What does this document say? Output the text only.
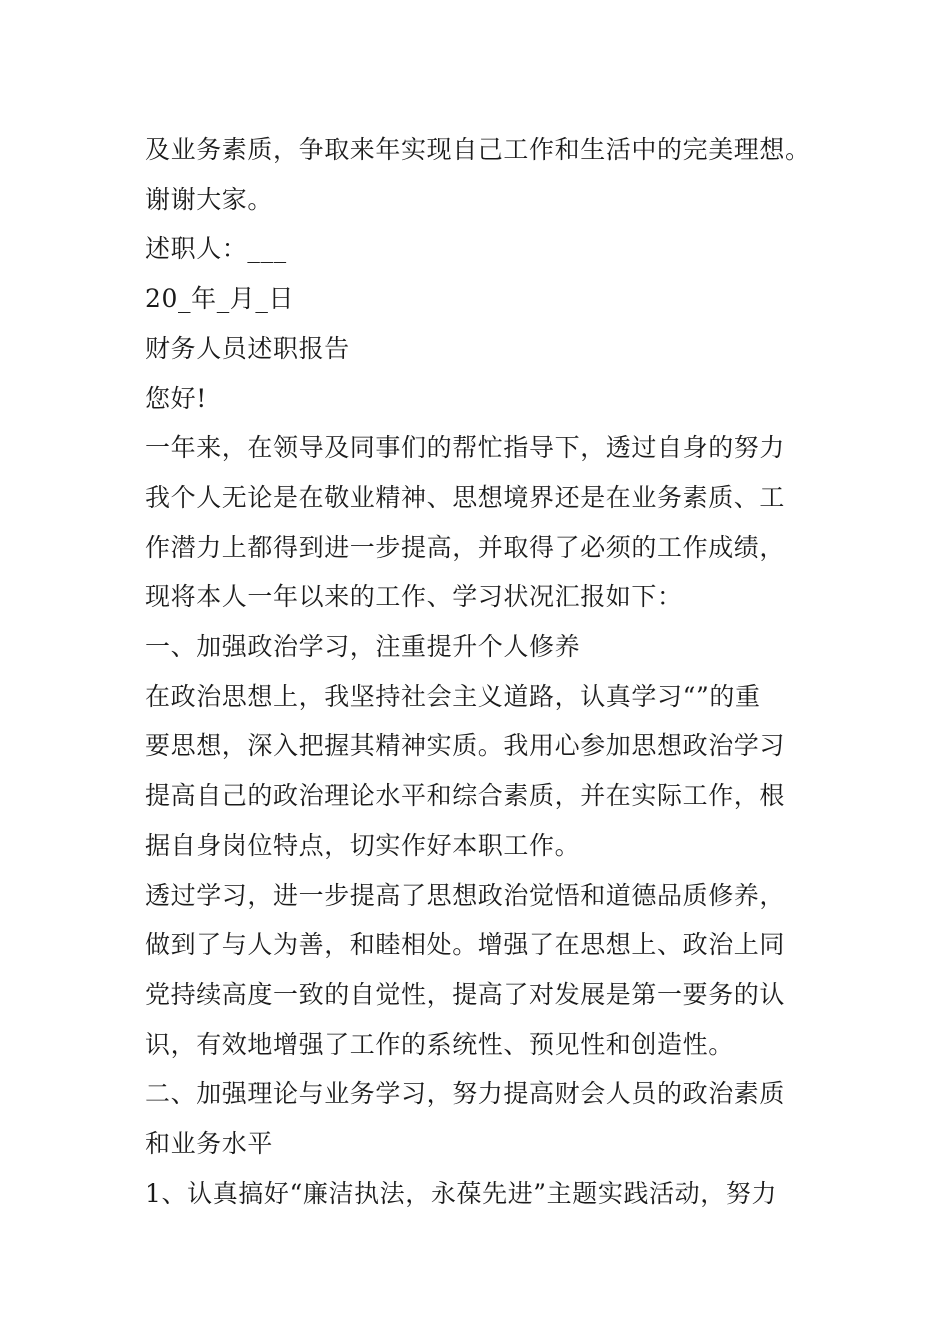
及业务素质，争取来年实现自己工作和生活中的完美理想。
谢谢大家。
述职人：___
20_年_月_日
财务人员述职报告
您好!
一年来，在领导及同事们的帮忙指导下，透过自身的努力
我个人无论是在敬业精神、思想境界还是在业务素质、工
作潜力上都得到进一步提高，并取得了必须的工作成绩，
现将本人一年以来的工作、学习状况汇报如下：
一、加强政治学习，注重提升个人修养
在政治思想上，我坚持社会主义道路，认真学习“”的重
要思想，深入把握其精神实质。我用心参加思想政治学习
提高自己的政治理论水平和综合素质，并在实际工作，根
据自身岗位特点，切实作好本职工作。
透过学习，进一步提高了思想政治觉悟和道德品质修养，
做到了与人为善，和睦相处。增强了在思想上、政治上同
党持续高度一致的自觉性，提高了对发展是第一要务的认
识，有效地增强了工作的系统性、预见性和创造性。
二、加强理论与业务学习，努力提高财会人员的政治素质
和业务水平
1、认真搞好“廉洁执法，永葆先进”主题实践活动，努力
